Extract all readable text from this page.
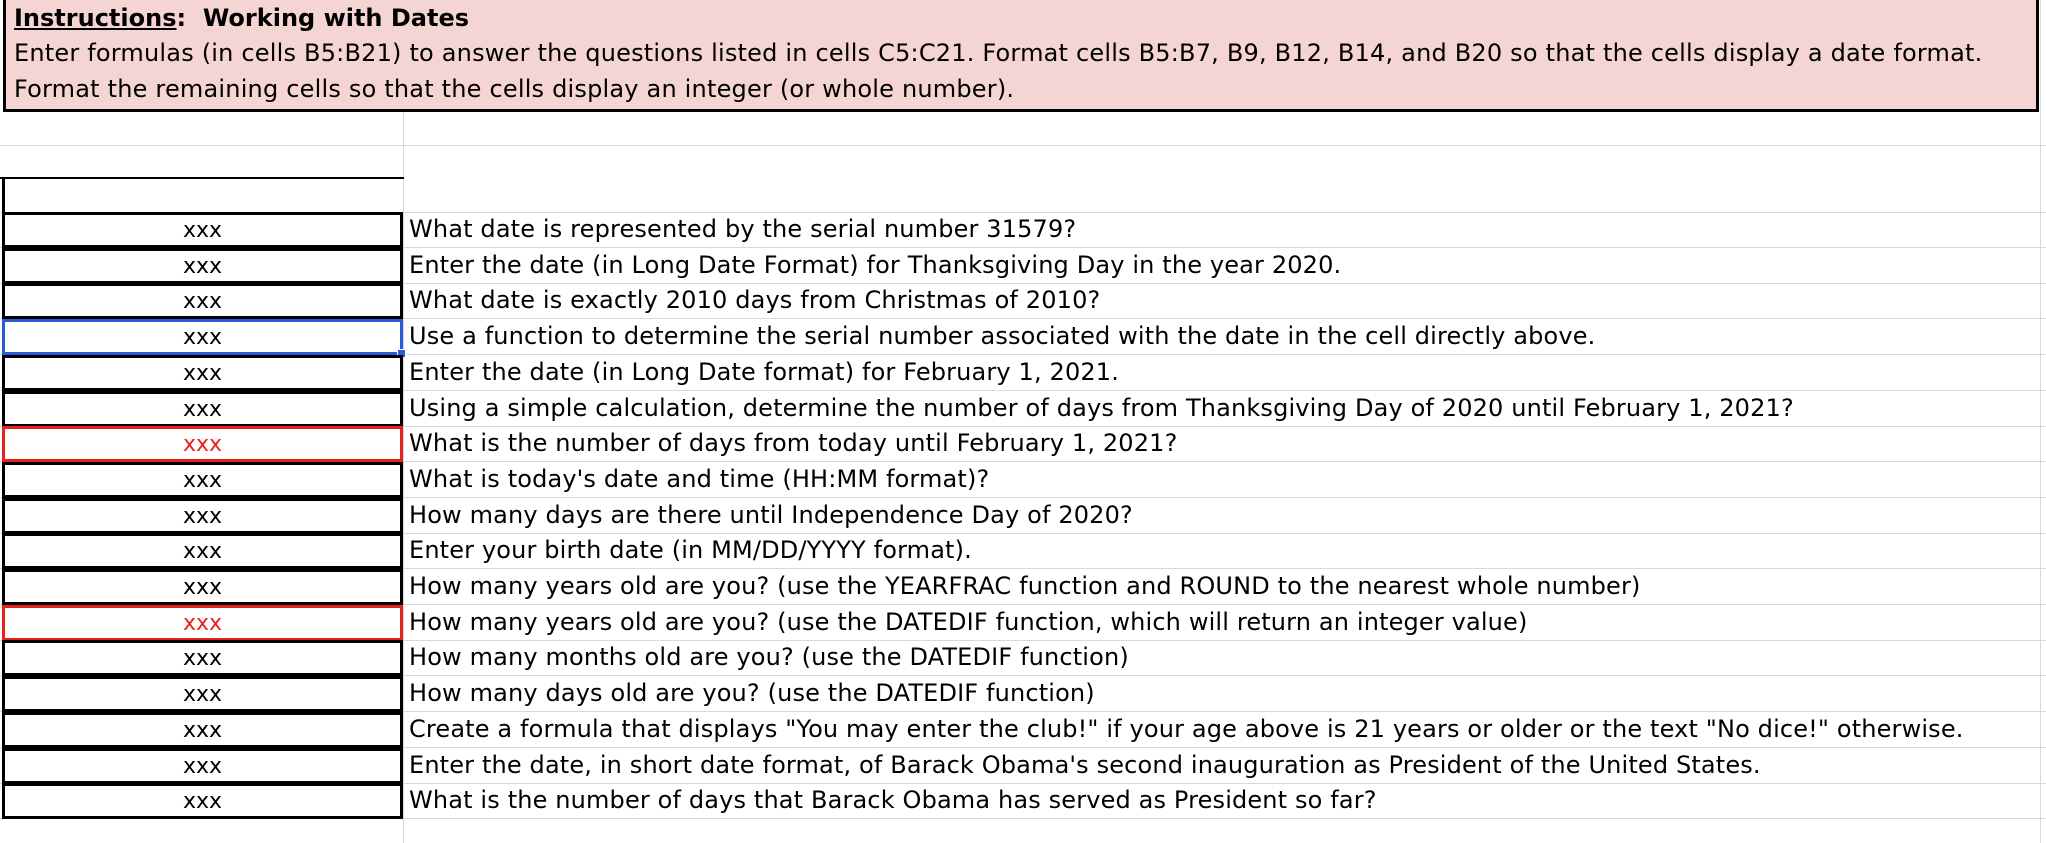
Instructions: Working with Dates
Enter formulas (in cells B5:B21) to answer the questions listed in cells C5:C21. Format cells B5:B7, B9, B12, B14, and B20 so that the cells display a date format.
Format the remaining cells so that the cells display an integer (or whole number).
xxx	What date is represented by the serial number 31579?
xxx	Enter the date (in Long Date Format) for Thanksgiving Day in the year 2020.
xxx	What date is exactly 2010 days from Christmas of 2010?
xxx	Use a function to determine the serial number associated with the date in the cell directly above.
xxx	Enter the date (in Long Date format) for February 1, 2021.
xxx	Using a simple calculation, determine the number of days from Thanksgiving Day of 2020 until February 1, 2021?
xxx	What is the number of days from today until February 1, 2021?
xxx	What is today's date and time (HH:MM format)?
xxx	How many days are there until Independence Day of 2020?
xxx	Enter your birth date (in MM/DD/YYYY format).
xxx	How many years old are you? (use the YEARFRAC function and ROUND to the nearest whole number)
xxx	How many years old are you? (use the DATEDIF function, which will return an integer value)
xxx	How many months old are you? (use the DATEDIF function)
xxx	How many days old are you? (use the DATEDIF function)
xxx	Create a formula that displays "You may enter the club!" if your age above is 21 years or older or the text "No dice!" otherwise.
xxx	Enter the date, in short date format, of Barack Obama's second inauguration as President of the United States.
xxx	What is the number of days that Barack Obama has served as President so far?
